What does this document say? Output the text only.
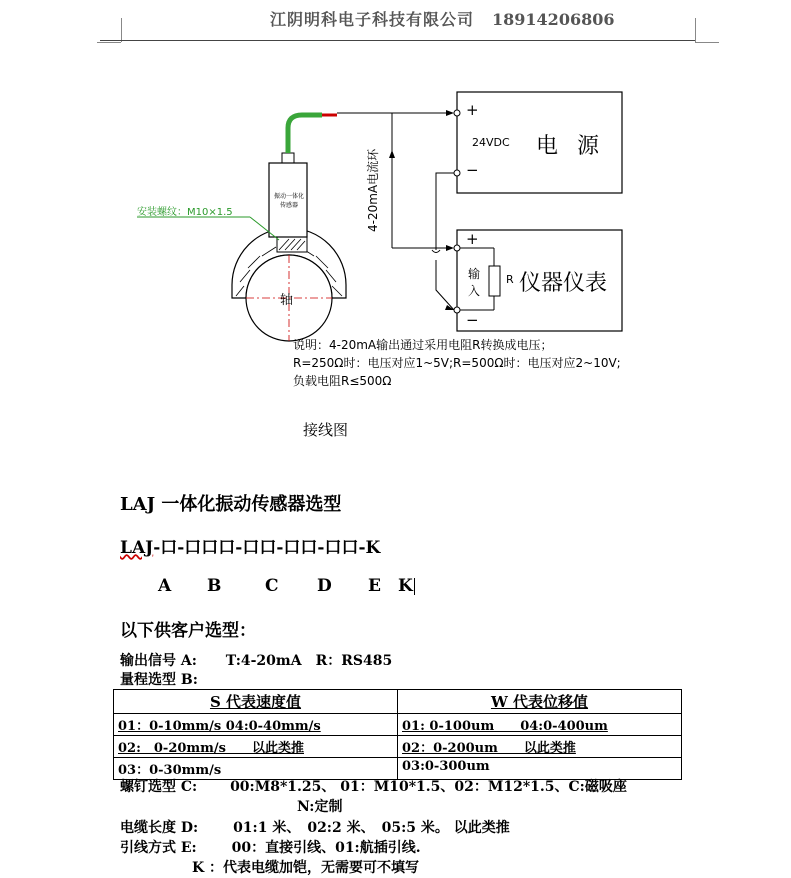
江阴明科电子科技有限公司 18914206806
安装螺纹：M10×1.5
振动一体化
传感器
轴
4-20mA电流环
+
−
24VDC 电 源
+
−
输
入
R 仪器仪表
说明：4-20mA输出通过采用电阻R转换成电压；
R=250Ω时：电压对应1~5V;R=500Ω时：电压对应2~10V;
负载电阻R≤500Ω
接线图
LAJ 一体化振动传感器选型
LAJ-口-口口口-口口-口口-口口-K
A B	C D E K
以下供客户选型：
输出信号 A: T:4-20mA　R：RS485
量程选型 B:
S 代表速度值	W 代表位移值
01：0-10mm/s 04:0-40mm/s	01: 0-100um　　04:0-400um
02:　0-20mm/s　　以此类推	02：0-200um　　以此类推
03：0-30mm/s	03:0-300um
螺钉选型 C: 00:M8*1.25、 01：M10*1.5、02：M12*1.5、C:磁吸座
N:定制
电缆长度 D: 01:1 米、　02:2 米、　05:5 米。 以此类推
引线方式 E: 00：直接引线、01:航插引线.
K ：代表电缆加铠，无需要可不填写
